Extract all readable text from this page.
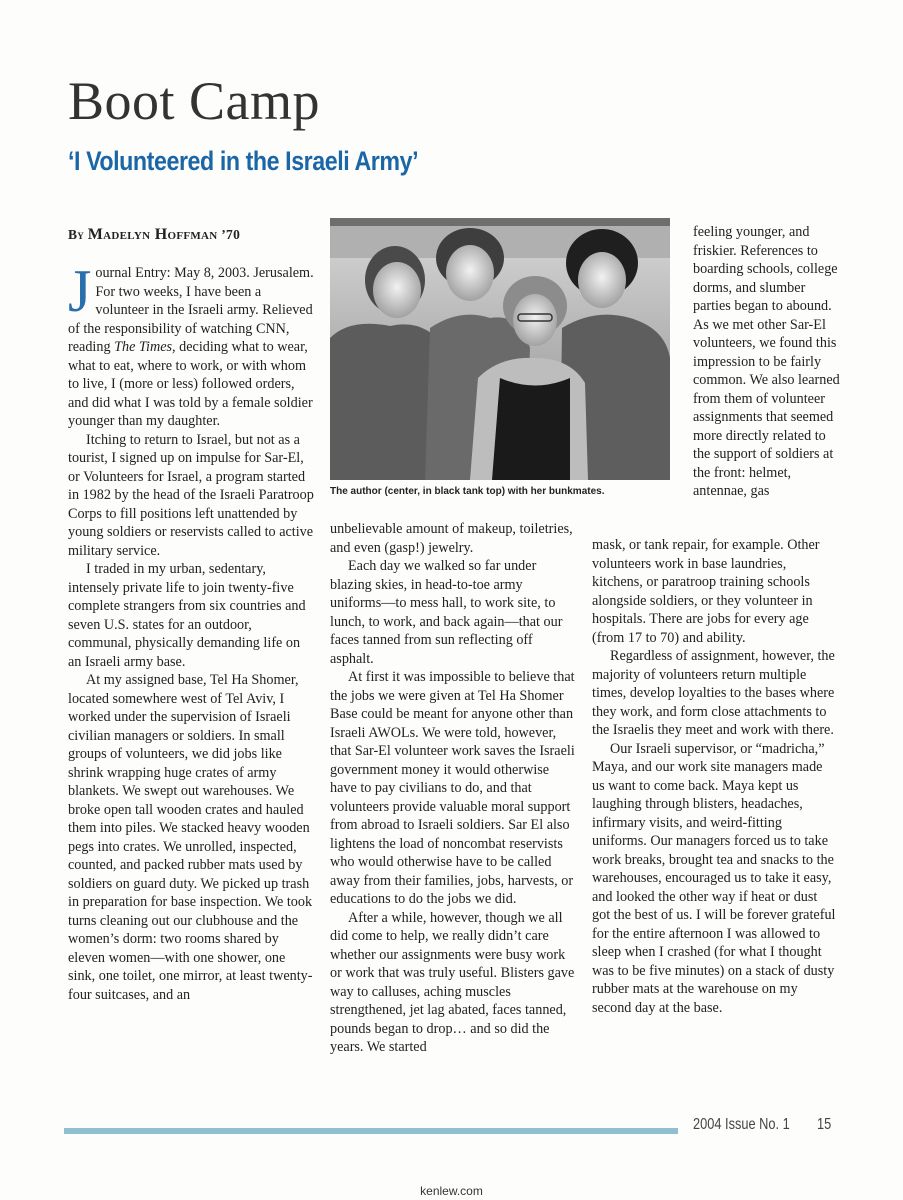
Boot Camp
‘I Volunteered in the Israeli Army’
By Madelyn Hoffman ’70
The author (center, in black tank top) with her bunkmates.

Journal Entry: May 8, 2003. Jerusalem. For two weeks, I have been a volunteer in the Israeli army. Relieved of the responsibility of watching CNN, reading The Times, deciding what to wear, what to eat, where to work, or with whom to live, I (more or less) followed orders, and did what I was told by a female soldier younger than my daughter.

Itching to return to Israel, but not as a tourist, I signed up on impulse for Sar-El, or Volunteers for Israel, a program started in 1982 by the head of the Israeli Paratroop Corps to fill positions left unattended by young soldiers or reservists called to active military service.

I traded in my urban, sedentary, intensely private life to join twenty-five complete strangers from six countries and seven U.S. states for an outdoor, communal, physically demanding life on an Israeli army base.

At my assigned base, Tel Ha Shomer, located somewhere west of Tel Aviv, I worked under the supervision of Israeli civilian managers or soldiers. In small groups of volunteers, we did jobs like shrink wrapping huge crates of army blankets. We swept out warehouses. We broke open tall wooden crates and hauled them into piles. We stacked heavy wooden pegs into crates. We unrolled, inspected, counted, and packed rubber mats used by soldiers on guard duty. We picked up trash in preparation for base inspection. We took turns cleaning out our clubhouse and the women’s dorm: two rooms shared by eleven women—with one shower, one sink, one toilet, one mirror, at least twenty-four suitcases, and an

unbelievable amount of makeup, toiletries, and even (gasp!) jewelry.

Each day we walked so far under blazing skies, in head-to-toe army uniforms—to mess hall, to work site, to lunch, to work, and back again—that our faces tanned from sun reflecting off asphalt.

At first it was impossible to believe that the jobs we were given at Tel Ha Shomer Base could be meant for anyone other than Israeli AWOLs. We were told, however, that Sar-El volunteer work saves the Israeli government money it would otherwise have to pay civilians to do, and that volunteers provide valuable moral support from abroad to Israeli soldiers. Sar El also lightens the load of noncombat reservists who would otherwise have to be called away from their families, jobs, harvests, or educations to do the jobs we did.

After a while, however, though we all did come to help, we really didn’t care whether our assignments were busy work or work that was truly useful. Blisters gave way to calluses, aching muscles strengthened, jet lag abated, faces tanned, pounds began to drop… and so did the years. We started

feeling younger, and friskier. References to boarding schools, college dorms, and slumber parties began to abound. As we met other Sar-El volunteers, we found this impression to be fairly common. We also learned from them of volunteer assignments that seemed more directly related to the support of soldiers at the front: helmet, antennae, gas

mask, or tank repair, for example. Other volunteers work in base laundries, kitchens, or paratroop training schools alongside soldiers, or they volunteer in hospitals. There are jobs for every age (from 17 to 70) and ability.

Regardless of assignment, however, the majority of volunteers return multiple times, develop loyalties to the bases where they work, and form close attachments to the Israelis they meet and work with there.

Our Israeli supervisor, or “madricha,” Maya, and our work site managers made us want to come back. Maya kept us laughing through blisters, headaches, infirmary visits, and weird-fitting uniforms. Our managers forced us to take work breaks, brought tea and snacks to the warehouses, encouraged us to take it easy, and looked the other way if heat or dust got the best of us. I will be forever grateful for the entire afternoon I was allowed to sleep when I crashed (for what I thought was to be five minutes) on a stack of dusty rubber mats at the warehouse on my second day at the base.

2004 Issue No. 1 15
kenlew.com
